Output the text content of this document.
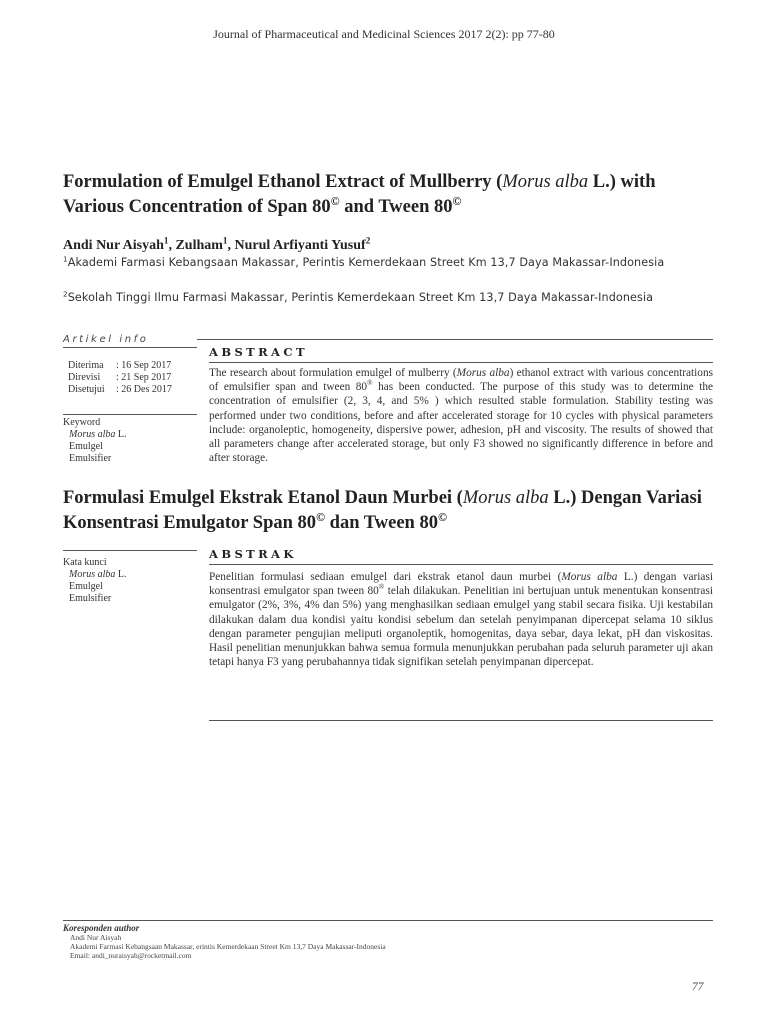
Journal of Pharmaceutical and Medicinal Sciences 2017 2(2): pp 77-80
Formulation of Emulgel Ethanol Extract of Mullberry (Morus alba L.) with Various Concentration of Span 80© and Tween 80©
Andi Nur Aisyah$^1$, Zulham$^1$, Nurul Arfiyanti Yusuf$^2$
$^1$Akademi Farmasi Kebangsaan Makassar, Perintis Kemerdekaan Street Km 13,7 Daya Makassar-Indonesia
$^2$Sekolah Tinggi Ilmu Farmasi Makassar, Perintis Kemerdekaan Street Km 13,7 Daya Makassar-Indonesia
Artikel info
ABSTRACT
Diterima	: 16 Sep 2017
Direvisi	: 21 Sep 2017
Disetujui	: 26 Des 2017
Keyword
Morus alba L.
Emulgel
Emulsifier
The research about formulation emulgel of mulberry (Morus alba) ethanol extract with various concentrations of emulsifier span and tween 80® has been conducted. The purpose of this study was to determine the concentration of emulsifier (2, 3, 4, and 5% ) which resulted stable formulation. Stability testing was performed under two conditions, before and after accelerated storage for 10 cycles with physical parameters include: organoleptic, homogeneity, dispersive power, adhesion, pH and viscosity. The results of showed that all parameters change after accelerated storage, but only F3 showed no significantly difference in before and after storage.
Formulasi Emulgel Ekstrak Etanol Daun Murbei (Morus alba L.) Dengan Variasi Konsentrasi Emulgator Span 80© dan Tween 80©
Kata kunci
Morus alba L.
Emulgel
Emulsifier
ABSTRAK
Penelitian formulasi sediaan emulgel dari ekstrak etanol daun murbei (Morus alba L.) dengan variasi konsentrasi emulgator span tween 80® telah dilakukan. Penelitian ini bertujuan untuk menentukan konsentrasi emulgator (2%, 3%, 4% dan 5%) yang menghasilkan sediaan emulgel yang stabil secara fisika. Uji kestabilan dilakukan dalam dua kondisi yaitu kondisi sebelum dan setelah penyimpanan dipercepat selama 10 siklus dengan parameter pengujian meliputi organoleptik, homogenitas, daya sebar, daya lekat, pH dan viskositas. Hasil penelitian menunjukkan bahwa semua formula menunjukkan perubahan pada seluruh parameter uji akan tetapi hanya F3 yang perubahannya tidak signifikan setelah penyimpanan dipercepat.
Koresponden author
Andi Nur Aisyah
Akademi Farmasi Kebangsaan Makassar, erintis Kemerdekaan Street Km 13,7 Daya Makassar-Indonesia
Email: andi_nuraisyah@rocketmail.com
77
